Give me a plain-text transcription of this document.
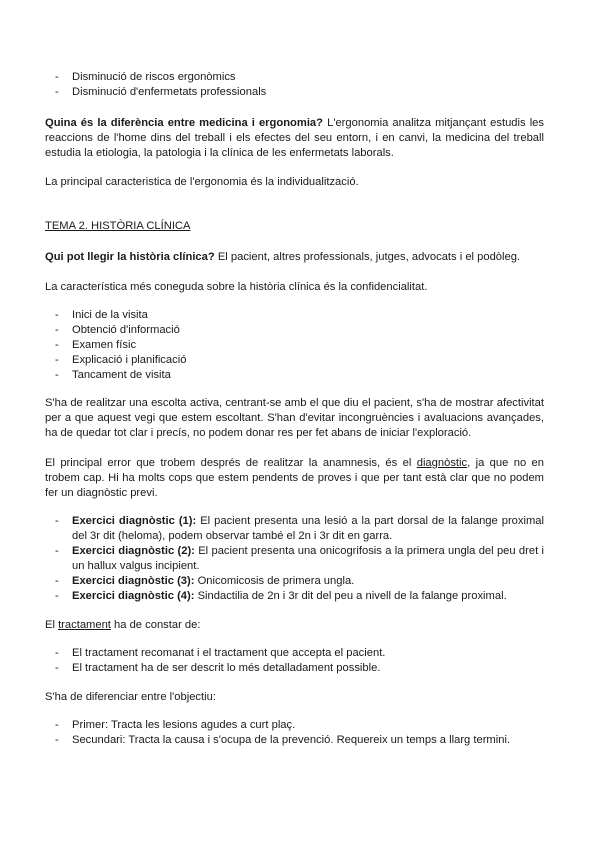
- Disminució de riscos ergonòmics
- Disminució d'enfermetats professionals

Quina és la diferència entre medicina i ergonomia? L'ergonomia analitza mitjançant estudis les reaccions de l'home dins del treball i els efectes del seu entorn, i en canvi, la medicina del treball estudia la etiologia, la patologia i la clínica de les enfermetats laborals.

La principal caracteristica de l'ergonomia és la individualització.

TEMA 2. HISTÒRIA CLÍNICA

Qui pot llegir la història clínica? El pacient, altres professionals, jutges, advocats i el podòleg.

La característica més coneguda sobre la història clínica és la confidencialitat.

- Inici de la visita
- Obtenció d'informació
- Examen físic
- Explicació i planificació
- Tancament de visita

S'ha de realitzar una escolta activa, centrant-se amb el que diu el pacient, s'ha de mostrar afectivitat per a que aquest vegi que estem escoltant. S'han d'evitar incongruències i avaluacions avançades, ha de quedar tot clar i precís, no podem donar res per fet abans de iniciar l'exploració.

El principal error que trobem després de realitzar la anamnesis, és el diagnòstic, ja que no en trobem cap. Hi ha molts cops que estem pendents de proves i que per tant està clar que no podem fer un diagnòstic previ.

- Exercici diagnòstic (1): El pacient presenta una lesió a la part dorsal de la falange proximal del 3r dit (heloma), podem observar també el 2n i 3r dit en garra.
- Exercici diagnòstic (2): El pacient presenta una onicogrifosis a la primera ungla del peu dret i un hallux valgus incipient.
- Exercici diagnòstic (3): Onicomicosis de primera ungla.
- Exercici diagnòstic (4): Sindactilia de 2n i 3r dit del peu a nivell de la falange proximal.

El tractament ha de constar de:

- El tractament recomanat i el tractament que accepta el pacient.
- El tractament ha de ser descrit lo més detalladament possible.

S'ha de diferenciar entre l'objectiu:

- Primer: Tracta les lesions agudes a curt plaç.
- Secundari: Tracta la causa i s'ocupa de la prevenció. Requereix un temps a llarg termini.
